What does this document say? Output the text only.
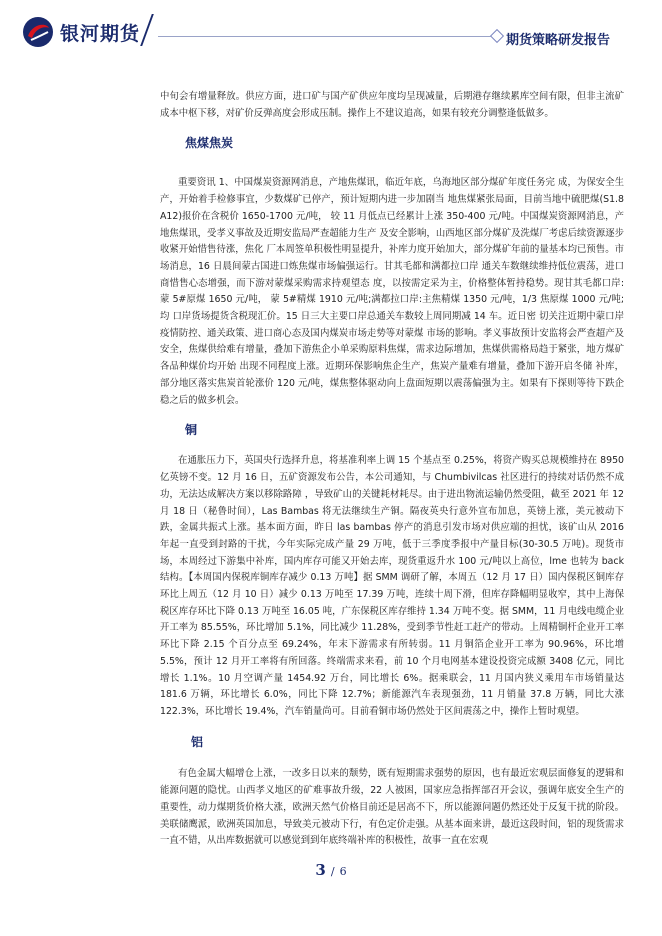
银河期货	期货策略研发报告

中旬会有增量释放。供应方面，进口矿与国产矿供应年度均呈现减量，后期港存继续累库空间有限，但非主流矿成本中枢下移，对矿价反弹高度会形成压制。操作上不建议追高，如果有较充分调整逢低做多。

焦煤焦炭

重要资讯 1、中国煤炭资源网消息，产地焦煤讯，临近年底，乌海地区部分煤矿年度任务完 成，为保安全生产，开始着手检修事宜，少数煤矿已停产，预计短期内进一步加剧当 地焦煤紧张局面，目前当地中硫肥煤(S1.8 A12)报价在含税价 1650-1700 元/吨， 较 11 月低点已经累计上涨 350-400 元/吨。中国煤炭资源网消息，产地焦煤讯，受孝义事故及近期安监局严查超能力生产 及安全影响，山西地区部分煤矿及洗煤厂考虑后续资源逐步收紧开始惜售待涨，焦化 厂本周签单积极性明显提升，补库力度开始加大，部分煤矿年前的量基本均已预售。市场消息，16 日晨间蒙古国进口炼焦煤市场偏强运行。甘其毛都和满都拉口岸 通关车数继续维持低位震荡，进口商惜售心态增强，而下游对蒙煤采购需求持观望态 度，以按需定采为主，价格整体暂持稳势。现甘其毛都口岸:蒙 5#原煤 1650 元/吨， 蒙 5#精煤 1910 元/吨;满都拉口岸:主焦精煤 1350 元/吨，1/3 焦原煤 1000 元/吨;均 口岸货场提货含税现汇价。15 日三大主要口岸总通关车数较上周同期减 14 车。近日密 切关注近期中蒙口岸疫情防控、通关政策、进口商心态及国内煤炭市场走势等对蒙煤 市场的影响。孝义事故预计安监将会严查超产及安全，焦煤供给难有增量，叠加下游焦企小单采购原料焦煤，需求边际增加，焦煤供需格局趋于紧张，地方煤矿各品种煤价均开始 出现不同程度上涨。近期环保影响焦企生产，焦炭产量难有增量，叠加下游开启冬储 补库，部分地区落实焦炭首轮涨价 120 元/吨，煤焦整体驱动向上盘面短期以震荡偏强为主。如果有下探则等待下跌企稳之后的做多机会。

铜

在通胀压力下，英国央行选择升息，将基准利率上调 15 个基点至 0.25%，将资产购买总规模维持在 8950 亿英镑不变。12 月 16 日，五矿资源发布公告，本公司通知，与 Chumbivilcas 社区进行的持续对话仍然不成功，无法达成解决方案以移除路障 ，导致矿山的关键耗材耗尽。由于进出物流运输仍然受阻，截至 2021 年 12 月 18 日（秘鲁时间），Las Bambas 将无法继续生产铜。隔夜英央行意外宣布加息，英镑上涨，美元被动下跌，金属共振式上涨。基本面方面，昨日 las bambas 停产的消息引发市场对供应端的担忧，该矿山从 2016 年起一直受到封路的干扰，今年实际完成产量 29 万吨，低于三季度季报中产量目标(30-30.5 万吨)。现货市场，本周经过下游集中补库，国内库存可能又开始去库，现货重返升水 100 元/吨以上高位，lme 也转为 back 结构。【本周国内保税库铜库存减少 0.13 万吨】据 SMM 调研了解，本周五（12 月 17 日）国内保税区铜库存环比上周五（12 月 10 日）减少 0.13 万吨至 17.39 万吨，连续十周下滑，但库存降幅明显收窄，其中上海保税区库存环比下降 0.13 万吨至 16.05 吨，广东保税区库存维持 1.34 万吨不变。据 SMM，11 月电线电缆企业开工率为 85.55%，环比增加 5.1%，同比减少 11.28%，受到季节性赶工赶产的带动。上周精铜杆企业开工率环比下降 2.15 个百分点至 69.24%，年末下游需求有所转弱。11 月铜箔企业开工率为 90.96%，环比增 5.5%，预计 12 月开工率将有所回落。终端需求来看，前 10 个月电网基本建设投资完成额 3408 亿元，同比增长 1.1%。10 月空调产量 1454.92 万台，同比增长 6%。据乘联会，11 月国内狭义乘用车市场销量达 181.6 万辆，环比增长 6.0%，同比下降 12.7%；新能源汽车表现强劲，11 月销量 37.8 万辆，同比大涨 122.3%，环比增长 19.4%，汽车销量尚可。目前看铜市场仍然处于区间震荡之中，操作上暂时观望。

铝

有色金属大幅增仓上涨，一改多日以来的颓势，既有短期需求强势的原因，也有最近宏观层面修复的逻辑和能源问题的隐忧。山西孝义地区的矿难事故升级，22 人被困，国家应急指挥部召开会议，强调年底安全生产的重要性，动力煤期货价格大涨，欧洲天然气价格目前还是居高不下，所以能源问题仍然还处于反复干扰的阶段。美联储鹰派，欧洲英国加息，导致美元被动下行，有色定价走强。从基本面来讲，最近这段时间，铝的现货需求一直不错，从出库数据就可以感觉到到年底终端补库的积极性，故事一直在宏观

3 / 6
